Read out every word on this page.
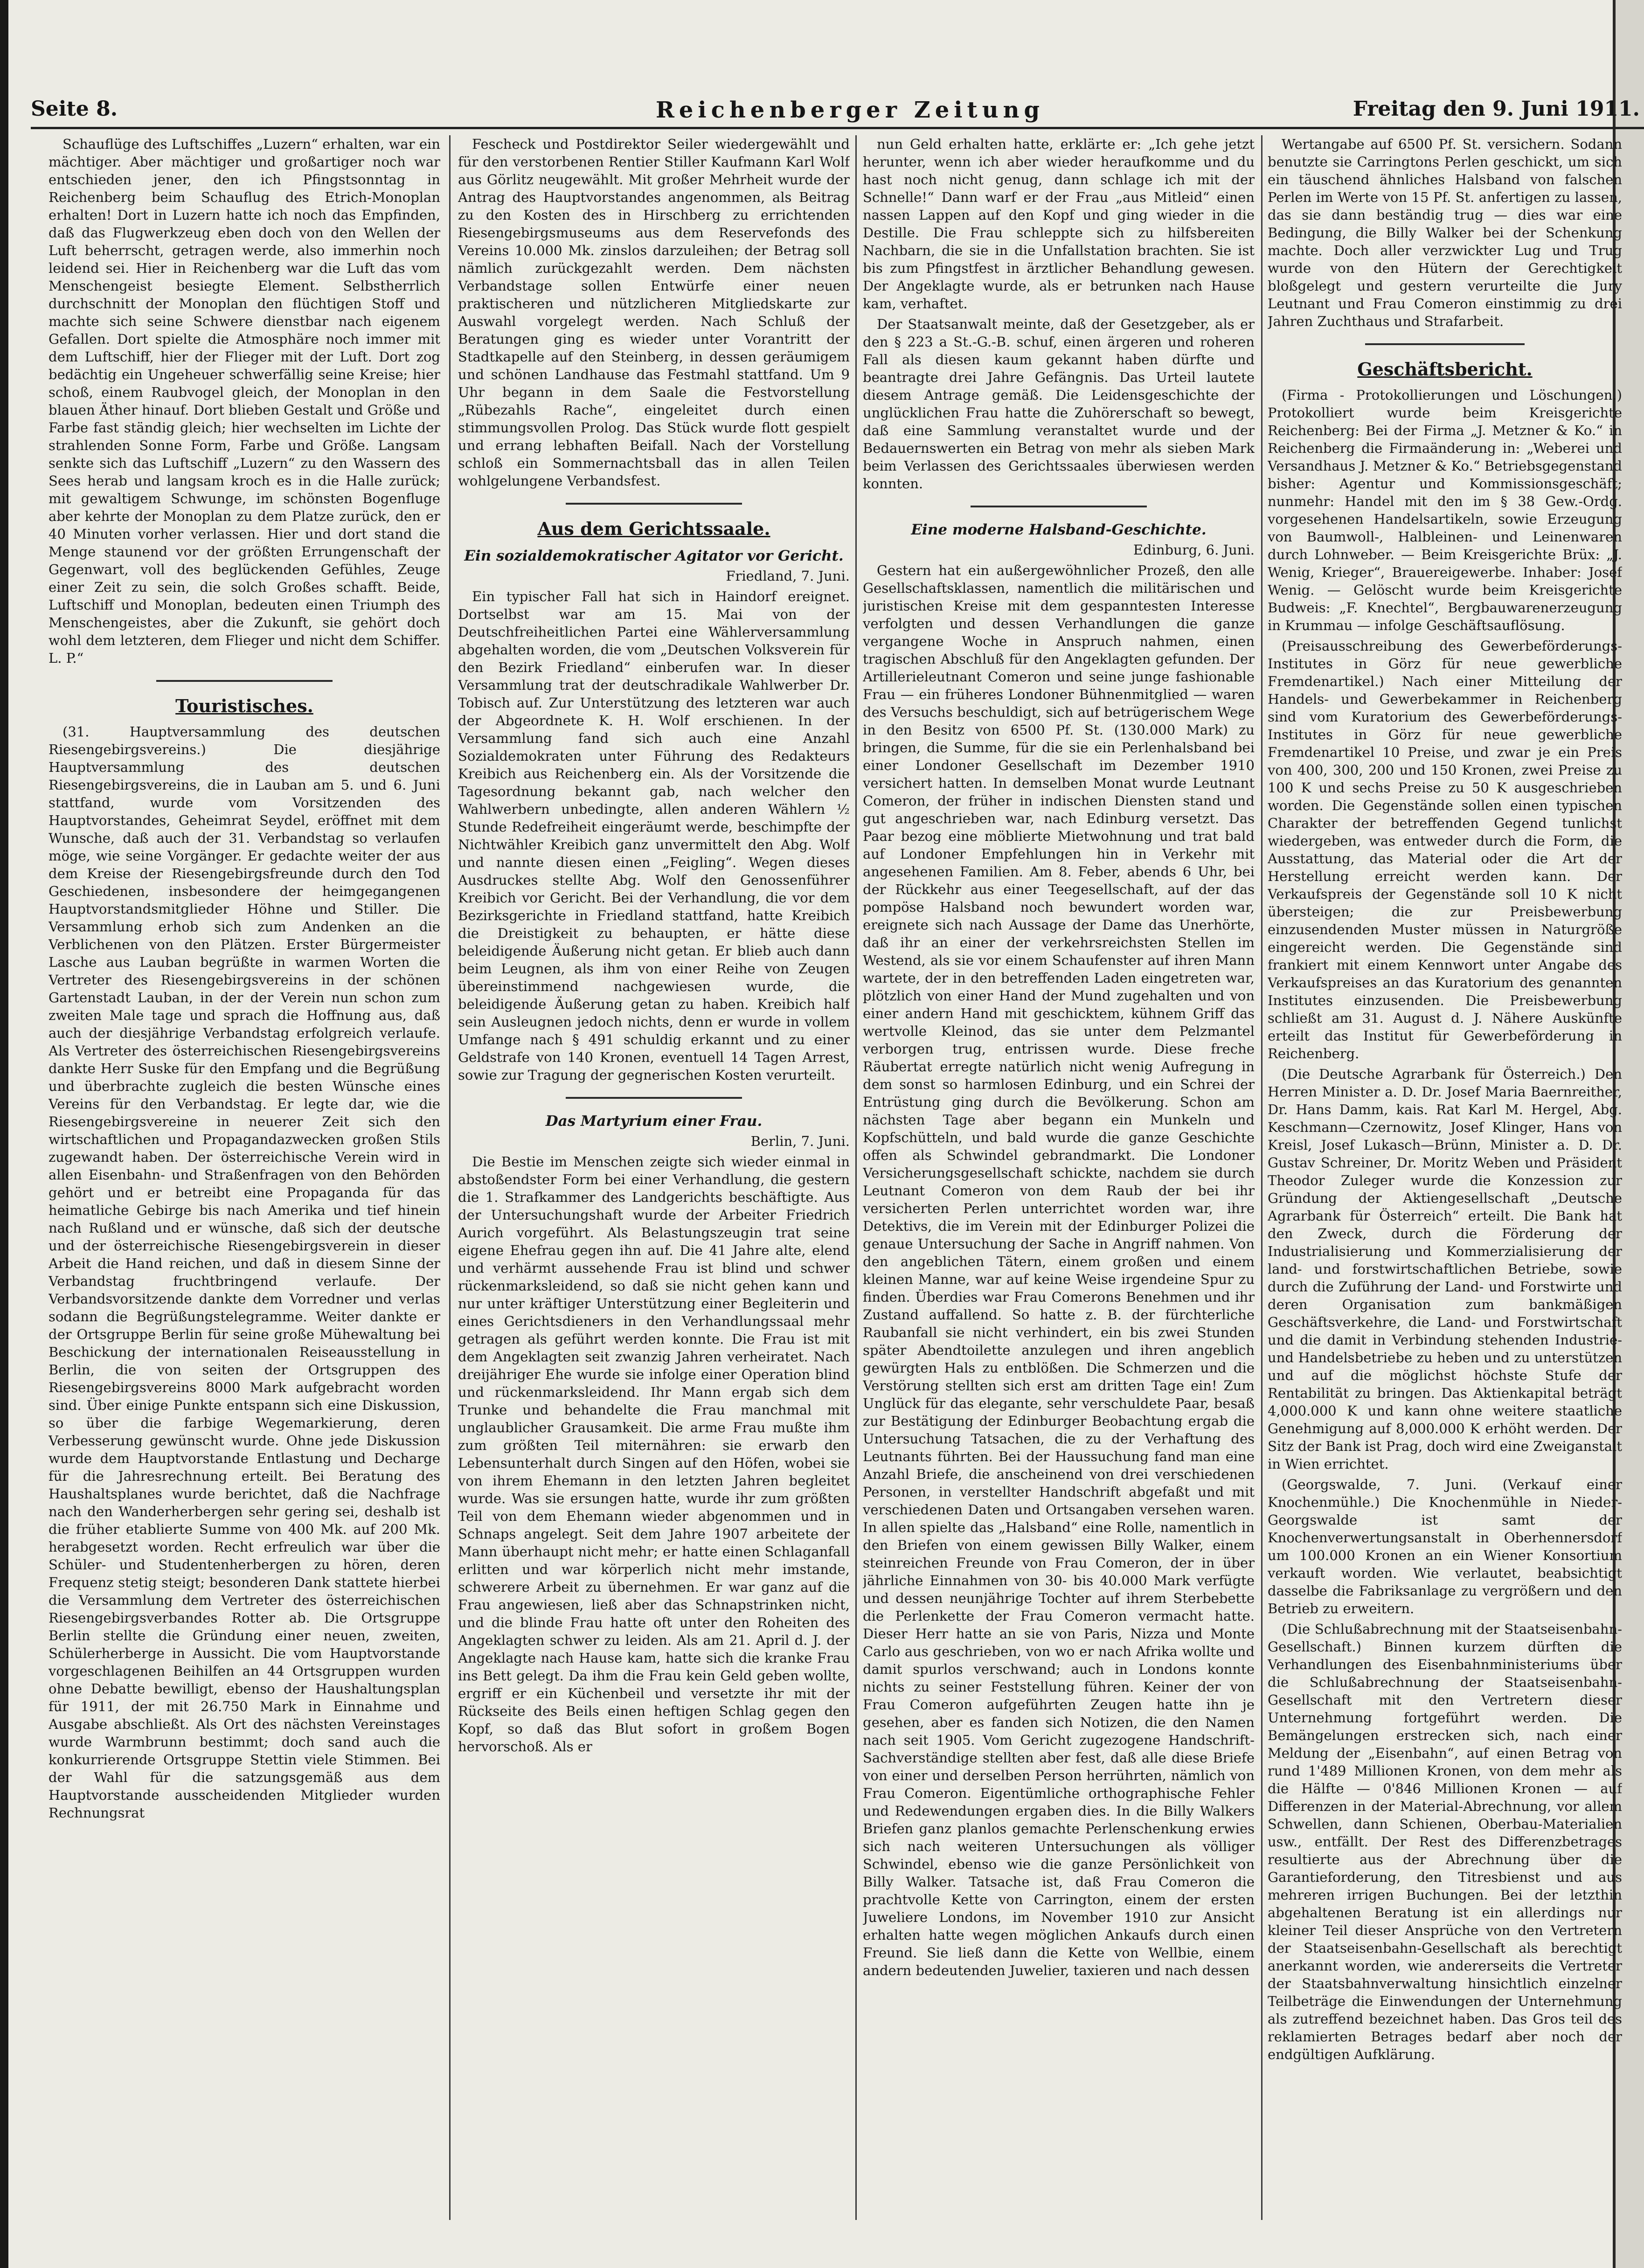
Seite 8.	Reichenberger Zeitung	Freitag den 9. Juni 1911.

Schauflüge des Luftschiffes „Luzern“ erhalten, war ein mächtiger. Aber mächtiger und großartiger noch war entschieden jener, den ich Pfingstsonntag in Reichenberg beim Schauflug des Etrich-Monoplan erhalten! Dort in Luzern hatte ich noch das Empfinden, daß das Flugwerkzeug eben doch von den Wellen der Luft beherrscht, getragen werde, also immerhin noch leidend sei. Hier in Reichenberg war die Luft das vom Menschengeist besiegte Element. Selbstherrlich durchschnitt der Monoplan den flüchtigen Stoff und machte sich seine Schwere dienstbar nach eigenem Gefallen. Dort spielte die Atmosphäre noch immer mit dem Luftschiff, hier der Flieger mit der Luft. Dort zog bedächtig ein Ungeheuer schwerfällig seine Kreise; hier schoß, einem Raubvogel gleich, der Monoplan in den blauen Äther hinauf. Dort blieben Gestalt und Größe und Farbe fast ständig gleich; hier wechselten im Lichte der strahlenden Sonne Form, Farbe und Größe. Langsam senkte sich das Luftschiff „Luzern“ zu den Wassern des Sees herab und langsam kroch es in die Halle zurück; mit gewaltigem Schwunge, im schönsten Bogenfluge aber kehrte der Monoplan zu dem Platze zurück, den er 40 Minuten vorher verlassen. Hier und dort stand die Menge staunend vor der größten Errungenschaft der Gegenwart, voll des beglückenden Gefühles, Zeuge einer Zeit zu sein, die solch Großes schafft. Beide, Luftschiff und Monoplan, bedeuten einen Triumph des Menschengeistes, aber die Zukunft, sie gehört doch wohl dem letzteren, dem Flieger und nicht dem Schiffer. L. P.“

Touristisches.

(31. Hauptversammlung des deutschen Riesengebirgsvereins.) Die diesjährige Hauptversammlung des deutschen Riesengebirgsvereins, die in Lauban am 5. und 6. Juni stattfand, wurde vom Vorsitzenden des Hauptvorstandes, Geheimrat Seydel, eröffnet mit dem Wunsche, daß auch der 31. Verbandstag so verlaufen möge, wie seine Vorgänger. Er gedachte weiter der aus dem Kreise der Riesengebirgsfreunde durch den Tod Geschiedenen, insbesondere der heimgegangenen Hauptvorstandsmitglieder Höhne und Stiller. Die Versammlung erhob sich zum Andenken an die Verblichenen von den Plätzen. Erster Bürgermeister Lasche aus Lauban begrüßte in warmen Worten die Vertreter des Riesengebirgsvereins in der schönen Gartenstadt Lauban, in der der Verein nun schon zum zweiten Male tage und sprach die Hoffnung aus, daß auch der diesjährige Verbandstag erfolgreich verlaufe. Als Vertreter des österreichischen Riesengebirgsvereins dankte Herr Suske für den Empfang und die Begrüßung und überbrachte zugleich die besten Wünsche eines Vereins für den Verbandstag. Er legte dar, wie die Riesengebirgsvereine in neuerer Zeit sich den wirtschaftlichen und Propagandazwecken großen Stils zugewandt haben. Der österreichische Verein wird in allen Eisenbahn- und Straßenfragen von den Behörden gehört und er betreibt eine Propaganda für das heimatliche Gebirge bis nach Amerika und tief hinein nach Rußland und er wünsche, daß sich der deutsche und der österreichische Riesengebirgsverein in dieser Arbeit die Hand reichen, und daß in diesem Sinne der Verbandstag fruchtbringend verlaufe. Der Verbandsvorsitzende dankte dem Vorredner und verlas sodann die Begrüßungstelegramme. Weiter dankte er der Ortsgruppe Berlin für seine große Mühewaltung bei Beschickung der internationalen Reiseausstellung in Berlin, die von seiten der Ortsgruppen des Riesengebirgsvereins 8000 Mark aufgebracht worden sind. Über einige Punkte entspann sich eine Diskussion, so über die farbige Wegemarkierung, deren Verbesserung gewünscht wurde. Ohne jede Diskussion wurde dem Hauptvorstande Entlastung und Decharge für die Jahresrechnung erteilt. Bei Beratung des Haushaltsplanes wurde berichtet, daß die Nachfrage nach den Wanderherbergen sehr gering sei, deshalb ist die früher etablierte Summe von 400 Mk. auf 200 Mk. herabgesetzt worden. Recht erfreulich war über die Schüler- und Studentenherbergen zu hören, deren Frequenz stetig steigt; besonderen Dank stattete hierbei die Versammlung dem Vertreter des österreichischen Riesengebirgsverbandes Rotter ab. Die Ortsgruppe Berlin stellte die Gründung einer neuen, zweiten, Schülerherberge in Aussicht. Die vom Hauptvorstande vorgeschlagenen Beihilfen an 44 Ortsgruppen wurden ohne Debatte bewilligt, ebenso der Haushaltungsplan für 1911, der mit 26.750 Mark in Einnahme und Ausgabe abschließt. Als Ort des nächsten Vereinstages wurde Warmbrunn bestimmt; doch sand auch die konkurrierende Ortsgruppe Stettin viele Stimmen. Bei der Wahl für die satzungsgemäß aus dem Hauptvorstande ausscheidenden Mitglieder wurden Rechnungsrat

Fescheck und Postdirektor Seiler wiedergewählt und für den verstorbenen Rentier Stiller Kaufmann Karl Wolf aus Görlitz neugewählt. Mit großer Mehrheit wurde der Antrag des Hauptvorstandes angenommen, als Beitrag zu den Kosten des in Hirschberg zu errichtenden Riesengebirgsmuseums aus dem Reservefonds des Vereins 10.000 Mk. zinslos darzuleihen; der Betrag soll nämlich zurückgezahlt werden. Dem nächsten Verbandstage sollen Entwürfe einer neuen praktischeren und nützlicheren Mitgliedskarte zur Auswahl vorgelegt werden. Nach Schluß der Beratungen ging es wieder unter Vorantritt der Stadtkapelle auf den Steinberg, in dessen geräumigem und schönen Landhause das Festmahl stattfand. Um 9 Uhr begann in dem Saale die Festvorstellung „Rübezahls Rache“, eingeleitet durch einen stimmungsvollen Prolog. Das Stück wurde flott gespielt und errang lebhaften Beifall. Nach der Vorstellung schloß ein Sommernachtsball das in allen Teilen wohlgelungene Verbandsfest.

Aus dem Gerichtssaale.
Ein sozialdemokratischer Agitator vor Gericht.
Friedland, 7. Juni.

Ein typischer Fall hat sich in Haindorf ereignet. Dortselbst war am 15. Mai von der Deutschfreiheitlichen Partei eine Wählerversammlung abgehalten worden, die vom „Deutschen Volksverein für den Bezirk Friedland“ einberufen war. In dieser Versammlung trat der deutschradikale Wahlwerber Dr. Tobisch auf. Zur Unterstützung des letzteren war auch der Abgeordnete K. H. Wolf erschienen. In der Versammlung fand sich auch eine Anzahl Sozialdemokraten unter Führung des Redakteurs Kreibich aus Reichenberg ein. Als der Vorsitzende die Tagesordnung bekannt gab, nach welcher den Wahlwerbern unbedingte, allen anderen Wählern ½ Stunde Redefreiheit eingeräumt werde, beschimpfte der Nichtwähler Kreibich ganz unvermittelt den Abg. Wolf und nannte diesen einen „Feigling“. Wegen dieses Ausdruckes stellte Abg. Wolf den Genossenführer Kreibich vor Gericht. Bei der Verhandlung, die vor dem Bezirksgerichte in Friedland stattfand, hatte Kreibich die Dreistigkeit zu behaupten, er hätte diese beleidigende Äußerung nicht getan. Er blieb auch dann beim Leugnen, als ihm von einer Reihe von Zeugen übereinstimmend nachgewiesen wurde, die beleidigende Äußerung getan zu haben. Kreibich half sein Ausleugnen jedoch nichts, denn er wurde in vollem Umfange nach § 491 schuldig erkannt und zu einer Geldstrafe von 140 Kronen, eventuell 14 Tagen Arrest, sowie zur Tragung der gegnerischen Kosten verurteilt.

Das Martyrium einer Frau.
Berlin, 7. Juni.

Die Bestie im Menschen zeigte sich wieder einmal in abstoßendster Form bei einer Verhandlung, die gestern die 1. Strafkammer des Landgerichts beschäftigte. Aus der Untersuchungshaft wurde der Arbeiter Friedrich Aurich vorgeführt. Als Belastungszeugin trat seine eigene Ehefrau gegen ihn auf. Die 41 Jahre alte, elend und verhärmt aussehende Frau ist blind und schwer rückenmarksleidend, so daß sie nicht gehen kann und nur unter kräftiger Unterstützung einer Begleiterin und eines Gerichtsdieners in den Verhandlungssaal mehr getragen als geführt werden konnte. Die Frau ist mit dem Angeklagten seit zwanzig Jahren verheiratet. Nach dreijähriger Ehe wurde sie infolge einer Operation blind und rückenmarksleidend. Ihr Mann ergab sich dem Trunke und behandelte die Frau manchmal mit unglaublicher Grausamkeit. Die arme Frau mußte ihm zum größten Teil miternähren: sie erwarb den Lebensunterhalt durch Singen auf den Höfen, wobei sie von ihrem Ehemann in den letzten Jahren begleitet wurde. Was sie ersungen hatte, wurde ihr zum größten Teil von dem Ehemann wieder abgenommen und in Schnaps angelegt. Seit dem Jahre 1907 arbeitete der Mann überhaupt nicht mehr; er hatte einen Schlaganfall erlitten und war körperlich nicht mehr imstande, schwerere Arbeit zu übernehmen. Er war ganz auf die Frau angewiesen, ließ aber das Schnapstrinken nicht, und die blinde Frau hatte oft unter den Roheiten des Angeklagten schwer zu leiden. Als am 21. April d. J. der Angeklagte nach Hause kam, hatte sich die kranke Frau ins Bett gelegt. Da ihm die Frau kein Geld geben wollte, ergriff er ein Küchenbeil und versetzte ihr mit der Rückseite des Beils einen heftigen Schlag gegen den Kopf, so daß das Blut sofort in großem Bogen hervorschoß. Als er

nun Geld erhalten hatte, erklärte er: „Ich gehe jetzt herunter, wenn ich aber wieder heraufkomme und du hast noch nicht genug, dann schlage ich mit der Schnelle!“ Dann warf er der Frau „aus Mitleid“ einen nassen Lappen auf den Kopf und ging wieder in die Destille. Die Frau schleppte sich zu hilfsbereiten Nachbarn, die sie in die Unfallstation brachten. Sie ist bis zum Pfingstfest in ärztlicher Behandlung gewesen. Der Angeklagte wurde, als er betrunken nach Hause kam, verhaftet.

Der Staatsanwalt meinte, daß der Gesetzgeber, als er den § 223 a St.-G.-B. schuf, einen ärgeren und roheren Fall als diesen kaum gekannt haben dürfte und beantragte drei Jahre Gefängnis. Das Urteil lautete diesem Antrage gemäß. Die Leidensgeschichte der unglücklichen Frau hatte die Zuhörerschaft so bewegt, daß eine Sammlung veranstaltet wurde und der Bedauernswerten ein Betrag von mehr als sieben Mark beim Verlassen des Gerichtssaales überwiesen werden konnten.

Eine moderne Halsband-Geschichte.
Edinburg, 6. Juni.

Gestern hat ein außergewöhnlicher Prozeß, den alle Gesellschaftsklassen, namentlich die militärischen und juristischen Kreise mit dem gespanntesten Interesse verfolgten und dessen Verhandlungen die ganze vergangene Woche in Anspruch nahmen, einen tragischen Abschluß für den Angeklagten gefunden. Der Artillerieleutnant Comeron und seine junge fashionable Frau — ein früheres Londoner Bühnenmitglied — waren des Versuchs beschuldigt, sich auf betrügerischem Wege in den Besitz von 6500 Pf. St. (130.000 Mark) zu bringen, die Summe, für die sie ein Perlenhalsband bei einer Londoner Gesellschaft im Dezember 1910 versichert hatten. In demselben Monat wurde Leutnant Comeron, der früher in indischen Diensten stand und gut angeschrieben war, nach Edinburg versetzt. Das Paar bezog eine möblierte Mietwohnung und trat bald auf Londoner Empfehlungen hin in Verkehr mit angesehenen Familien. Am 8. Feber, abends 6 Uhr, bei der Rückkehr aus einer Teegesellschaft, auf der das pompöse Halsband noch bewundert worden war, ereignete sich nach Aussage der Dame das Unerhörte, daß ihr an einer der verkehrsreichsten Stellen im Westend, als sie vor einem Schaufenster auf ihren Mann wartete, der in den betreffenden Laden eingetreten war, plötzlich von einer Hand der Mund zugehalten und von einer andern Hand mit geschicktem, kühnem Griff das wertvolle Kleinod, das sie unter dem Pelzmantel verborgen trug, entrissen wurde. Diese freche Räubertat erregte natürlich nicht wenig Aufregung in dem sonst so harmlosen Edinburg, und ein Schrei der Entrüstung ging durch die Bevölkerung. Schon am nächsten Tage aber begann ein Munkeln und Kopfschütteln, und bald wurde die ganze Geschichte offen als Schwindel gebrandmarkt. Die Londoner Versicherungsgesellschaft schickte, nachdem sie durch Leutnant Comeron von dem Raub der bei ihr versicherten Perlen unterrichtet worden war, ihre Detektivs, die im Verein mit der Edinburger Polizei die genaue Untersuchung der Sache in Angriff nahmen. Von den angeblichen Tätern, einem großen und einem kleinen Manne, war auf keine Weise irgendeine Spur zu finden. Überdies war Frau Comerons Benehmen und ihr Zustand auffallend. So hatte z. B. der fürchterliche Raubanfall sie nicht verhindert, ein bis zwei Stunden später Abendtoilette anzulegen und ihren angeblich gewürgten Hals zu entblößen. Die Schmerzen und die Verstörung stellten sich erst am dritten Tage ein! Zum Unglück für das elegante, sehr verschuldete Paar, besaß zur Bestätigung der Edinburger Beobachtung ergab die Untersuchung Tatsachen, die zu der Verhaftung des Leutnants führten. Bei der Haussuchung fand man eine Anzahl Briefe, die anscheinend von drei verschiedenen Personen, in verstellter Handschrift abgefaßt und mit verschiedenen Daten und Ortsangaben versehen waren. In allen spielte das „Halsband“ eine Rolle, namentlich in den Briefen von einem gewissen Billy Walker, einem steinreichen Freunde von Frau Comeron, der in über jährliche Einnahmen von 30- bis 40.000 Mark verfügte und dessen neunjährige Tochter auf ihrem Sterbebette die Perlenkette der Frau Comeron vermacht hatte. Dieser Herr hatte an sie von Paris, Nizza und Monte Carlo aus geschrieben, von wo er nach Afrika wollte und damit spurlos verschwand; auch in Londons konnte nichts zu seiner Feststellung führen. Keiner der von Frau Comeron aufgeführten Zeugen hatte ihn je gesehen, aber es fanden sich Notizen, die den Namen nach seit 1905. Vom Gericht zugezogene Handschrift-Sachverständige stellten aber fest, daß alle diese Briefe von einer und derselben Person herrührten, nämlich von Frau Comeron. Eigentümliche orthographische Fehler und Redewendungen ergaben dies. In die Billy Walkers Briefen ganz planlos gemachte Perlenschenkung erwies sich nach weiteren Untersuchungen als völliger Schwindel, ebenso wie die ganze Persönlichkeit von Billy Walker. Tatsache ist, daß Frau Comeron die prachtvolle Kette von Carrington, einem der ersten Juweliere Londons, im November 1910 zur Ansicht erhalten hatte wegen möglichen Ankaufs durch einen Freund. Sie ließ dann die Kette von Wellbie, einem andern bedeutenden Juwelier, taxieren und nach dessen

Wertangabe auf 6500 Pf. St. versichern. Sodann benutzte sie Carringtons Perlen geschickt, um sich ein täuschend ähnliches Halsband von falschen Perlen im Werte von 15 Pf. St. anfertigen zu lassen, das sie dann beständig trug — dies war eine Bedingung, die Billy Walker bei der Schenkung machte. Doch aller verzwickter Lug und Trug wurde von den Hütern der Gerechtigkeit bloßgelegt und gestern verurteilte die Jury Leutnant und Frau Comeron einstimmig zu drei Jahren Zuchthaus und Strafarbeit.

Geschäftsbericht.

(Firma - Protokollierungen und Löschungen.) Protokolliert wurde beim Kreisgerichte Reichenberg: Bei der Firma „J. Metzner & Ko.“ in Reichenberg die Firmaänderung in: „Weberei und Versandhaus J. Metzner & Ko.“ Betriebsgegenstand bisher: Agentur und Kommissionsgeschäft; nunmehr: Handel mit den im § 38 Gew.-Ordg. vorgesehenen Handelsartikeln, sowie Erzeugung von Baumwoll-, Halbleinen- und Leinenwaren durch Lohnweber. — Beim Kreisgerichte Brüx: „J. Wenig, Krieger“, Brauereigewerbe. Inhaber: Josef Wenig. — Gelöscht wurde beim Kreisgerichte Budweis: „F. Knechtel“, Bergbauwarenerzeugung in Krummau — infolge Geschäftsauflösung.

(Preisausschreibung des Gewerbeförderungs-Institutes in Görz für neue gewerbliche Fremdenartikel.) Nach einer Mitteilung der Handels- und Gewerbekammer in Reichenberg sind vom Kuratorium des Gewerbeförderungs-Institutes in Görz für neue gewerbliche Fremdenartikel 10 Preise, und zwar je ein Preis von 400, 300, 200 und 150 Kronen, zwei Preise zu 100 K und sechs Preise zu 50 K ausgeschrieben worden. Die Gegenstände sollen einen typischen Charakter der betreffenden Gegend tunlichst wiedergeben, was entweder durch die Form, die Ausstattung, das Material oder die Art der Herstellung erreicht werden kann. Der Verkaufspreis der Gegenstände soll 10 K nicht übersteigen; die zur Preisbewerbung einzusendenden Muster müssen in Naturgröße eingereicht werden. Die Gegenstände sind frankiert mit einem Kennwort unter Angabe des Verkaufspreises an das Kuratorium des genannten Institutes einzusenden. Die Preisbewerbung schließt am 31. August d. J. Nähere Auskünfte erteilt das Institut für Gewerbeförderung in Reichenberg.

(Die Deutsche Agrarbank für Österreich.) Den Herren Minister a. D. Dr. Josef Maria Baernreither, Dr. Hans Damm, kais. Rat Karl M. Hergel, Abg. Keschmann—Czernowitz, Josef Klinger, Hans von Kreisl, Josef Lukasch—Brünn, Minister a. D. Dr. Gustav Schreiner, Dr. Moritz Weben und Präsident Theodor Zuleger wurde die Konzession zur Gründung der Aktiengesellschaft „Deutsche Agrarbank für Österreich“ erteilt. Die Bank hat den Zweck, durch die Förderung der Industrialisierung und Kommerzialisierung der land- und forstwirtschaftlichen Betriebe, sowie durch die Zuführung der Land- und Forstwirte und deren Organisation zum bankmäßigen Geschäftsverkehre, die Land- und Forstwirtschaft und die damit in Verbindung stehenden Industrie- und Handelsbetriebe zu heben und zu unterstützen und auf die möglichst höchste Stufe der Rentabilität zu bringen. Das Aktienkapital beträgt 4,000.000 K und kann ohne weitere staatliche Genehmigung auf 8,000.000 K erhöht werden. Der Sitz der Bank ist Prag, doch wird eine Zweiganstalt in Wien errichtet.

(Georgswalde, 7. Juni. (Verkauf einer Knochenmühle.) Die Knochenmühle in Nieder-Georgswalde ist samt der Knochenverwertungsanstalt in Oberhennersdorf um 100.000 Kronen an ein Wiener Konsortium verkauft worden. Wie verlautet, beabsichtigt dasselbe die Fabriksanlage zu vergrößern und den Betrieb zu erweitern.

(Die Schlußabrechnung mit der Staatseisenbahn-Gesellschaft.) Binnen kurzem dürften die Verhandlungen des Eisenbahnministeriums über die Schlußabrechnung der Staatseisenbahn-Gesellschaft mit den Vertretern dieser Unternehmung fortgeführt werden. Die Bemängelungen erstrecken sich, nach einer Meldung der „Eisenbahn“, auf einen Betrag von rund 1'489 Millionen Kronen, von dem mehr als die Hälfte — 0'846 Millionen Kronen — auf Differenzen in der Material-Abrechnung, vor allem Schwellen, dann Schienen, Oberbau-Materialien usw., entfällt. Der Rest des Differenzbetrages resultierte aus der Abrechnung über die Garantieforderung, den Titresbienst und aus mehreren irrigen Buchungen. Bei der letzthin abgehaltenen Beratung ist ein allerdings nur kleiner Teil dieser Ansprüche von den Vertretern der Staatseisenbahn-Gesellschaft als berechtigt anerkannt worden, wie andererseits die Vertreter der Staatsbahnverwaltung hinsichtlich einzelner Teilbeträge die Einwendungen der Unternehmung als zutreffend bezeichnet haben. Das Gros teil des reklamierten Betrages bedarf aber noch der endgültigen Aufklärung.
